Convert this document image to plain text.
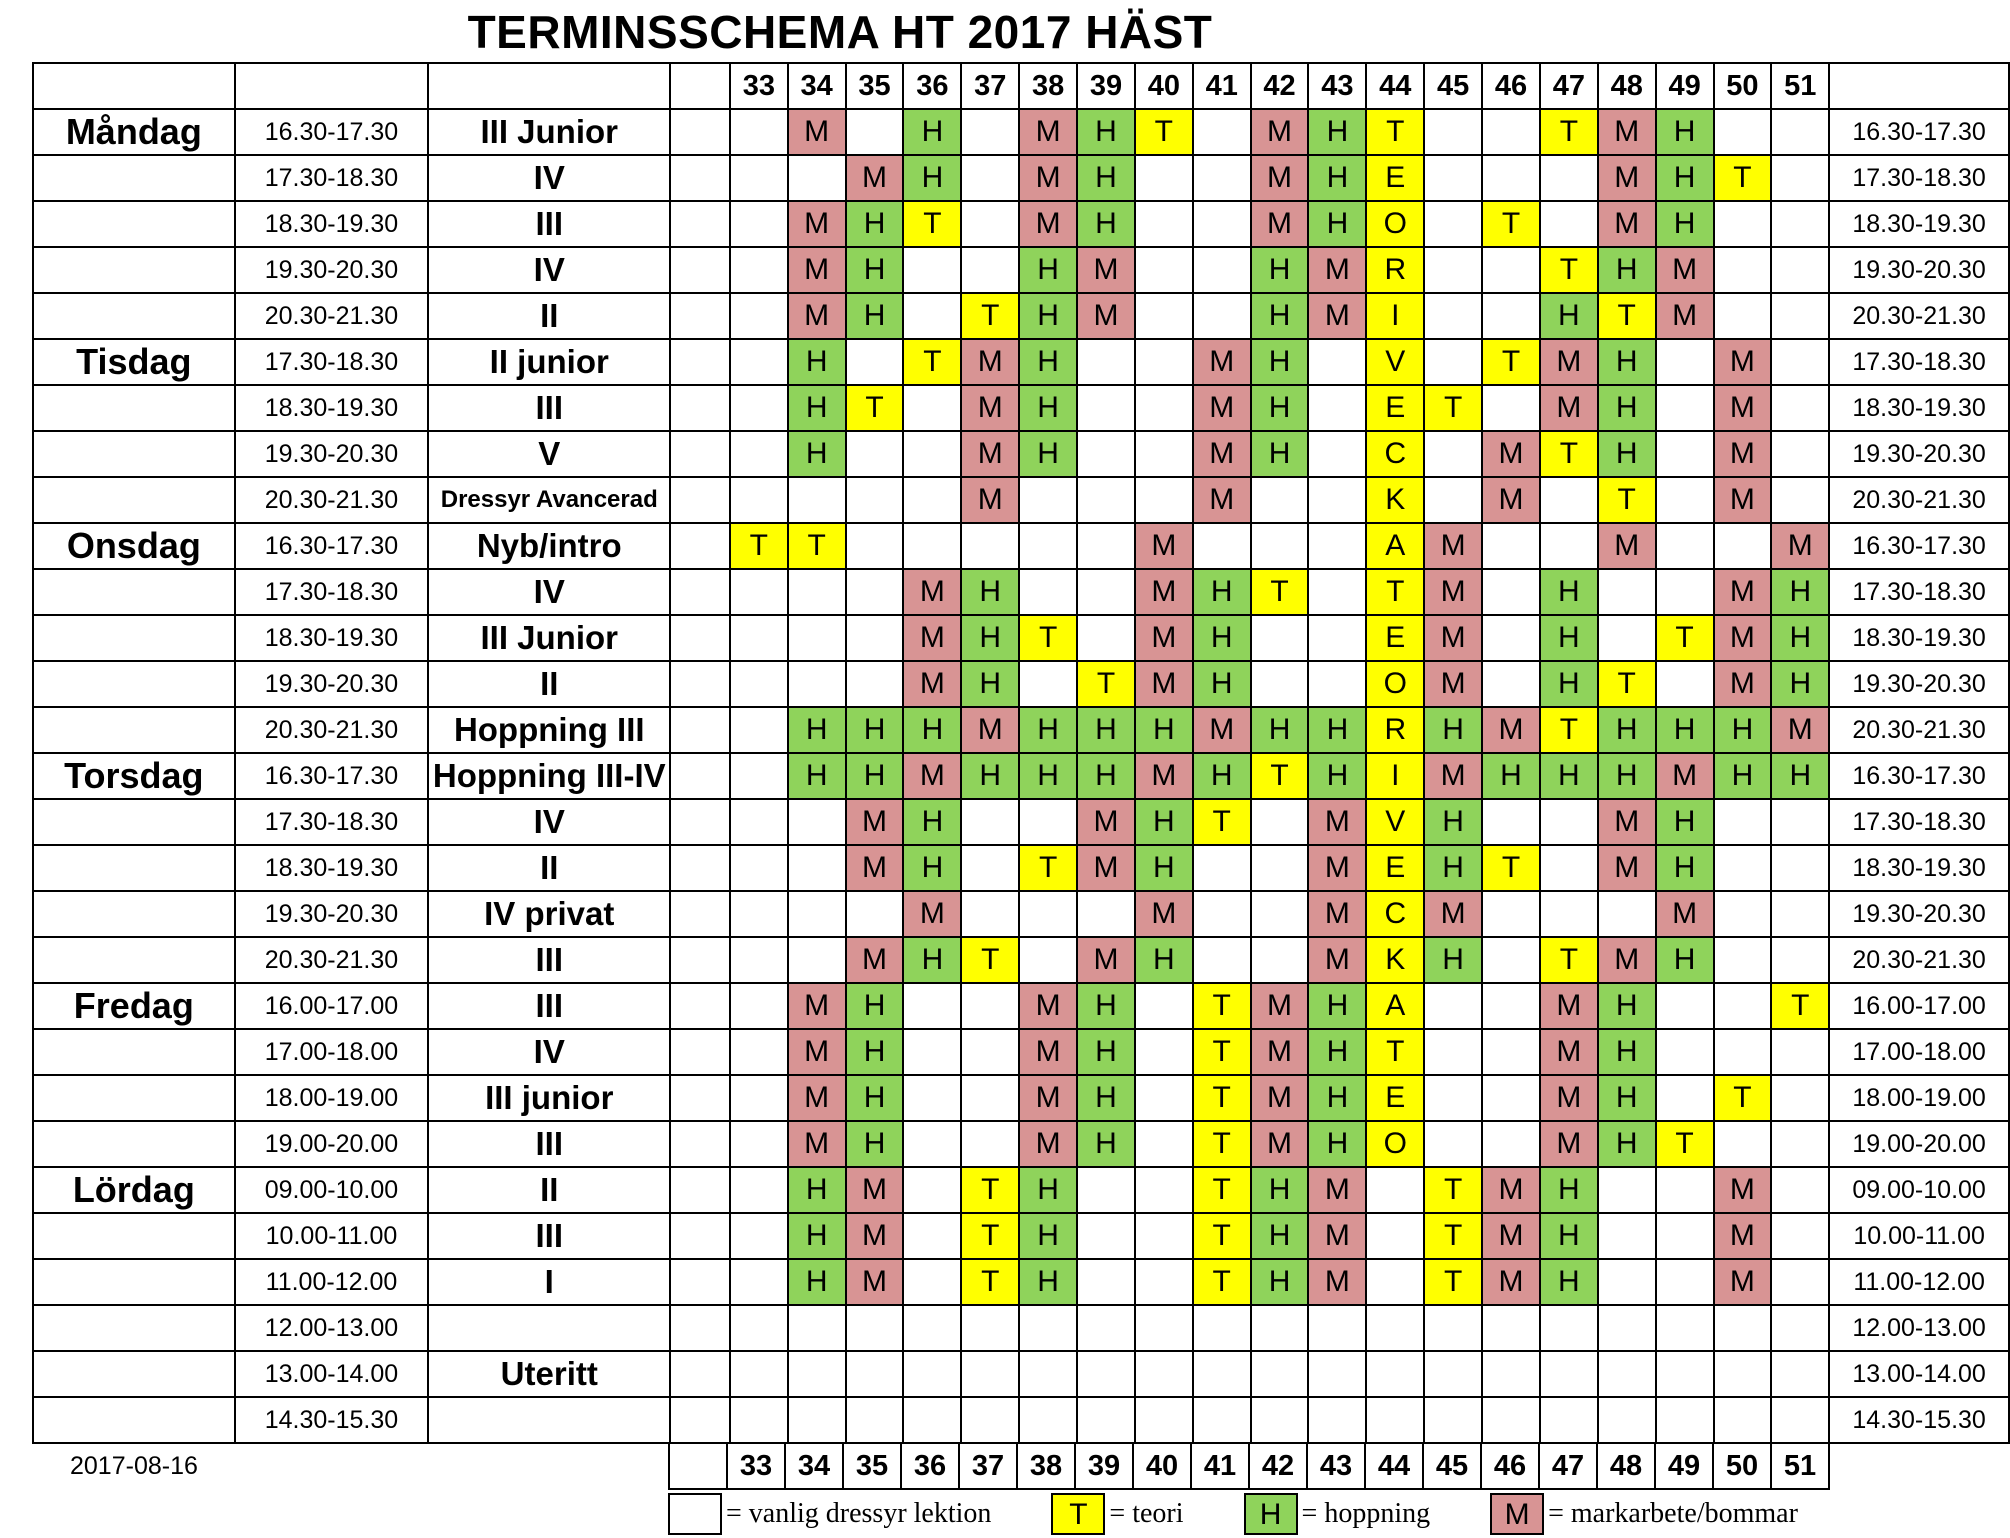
TERMINSSCHEMA HT 2017 HÄST
				33	34	35	36	37	38	39	40	41	42	43	44	45	46	47	48	49	50	51	
Måndag	16.30-17.30	III Junior			M		H		M	H	T		M	H	T			T	M	H			16.30-17.30
	17.30-18.30	IV				M	H		M	H			M	H	E				M	H	T		17.30-18.30
	18.30-19.30	III			M	H	T		M	H			M	H	O		T		M	H			18.30-19.30
	19.30-20.30	IV			M	H			H	M			H	M	R			T	H	M			19.30-20.30
	20.30-21.30	II			M	H		T	H	M			H	M	I			H	T	M			20.30-21.30
Tisdag	17.30-18.30	II junior			H		T	M	H			M	H		V		T	M	H		M		17.30-18.30
	18.30-19.30	III			H	T		M	H			M	H		E	T		M	H		M		18.30-19.30
	19.30-20.30	V			H			M	H			M	H		C		M	T	H		M		19.30-20.30
	20.30-21.30	Dressyr Avancerad						M				M			K		M		T		M		20.30-21.30
Onsdag	16.30-17.30	Nyb/intro		T	T						M				A	M			M			M	16.30-17.30
	17.30-18.30	IV					M	H			M	H	T		T	M		H			M	H	17.30-18.30
	18.30-19.30	III Junior					M	H	T		M	H			E	M		H		T	M	H	18.30-19.30
	19.30-20.30	II					M	H		T	M	H			O	M		H	T		M	H	19.30-20.30
	20.30-21.30	Hoppning III			H	H	H	M	H	H	H	M	H	H	R	H	M	T	H	H	H	M	20.30-21.30
Torsdag	16.30-17.30	Hoppning III-IV			H	H	M	H	H	H	M	H	T	H	I	M	H	H	H	M	H	H	16.30-17.30
	17.30-18.30	IV				M	H			M	H	T		M	V	H			M	H			17.30-18.30
	18.30-19.30	II				M	H		T	M	H			M	E	H	T		M	H			18.30-19.30
	19.30-20.30	IV privat					M				M			M	C	M				M			19.30-20.30
	20.30-21.30	III				M	H	T		M	H			M	K	H		T	M	H			20.30-21.30
Fredag	16.00-17.00	III			M	H			M	H		T	M	H	A			M	H			T	16.00-17.00
	17.00-18.00	IV			M	H			M	H		T	M	H	T			M	H				17.00-18.00
	18.00-19.00	III junior			M	H			M	H		T	M	H	E			M	H		T		18.00-19.00
	19.00-20.00	III			M	H			M	H		T	M	H	O			M	H	T			19.00-20.00
Lördag	09.00-10.00	II			H	M		T	H			T	H	M		T	M	H			M		09.00-10.00
	10.00-11.00	III			H	M		T	H			T	H	M		T	M	H			M		10.00-11.00
	11.00-12.00	I			H	M		T	H			T	H	M		T	M	H			M		11.00-12.00
	12.00-13.00																						12.00-13.00
	13.00-14.00	Uteritt																					13.00-14.00
	14.30-15.30																						14.30-15.30
2017-08-16
		33	34	35	36	37	38	39	40	41	42	43	44	45	46	47	48	49	50	51
= vanlig dressyr lektion	T = teori	H = hoppning	M = markarbete/bommar
